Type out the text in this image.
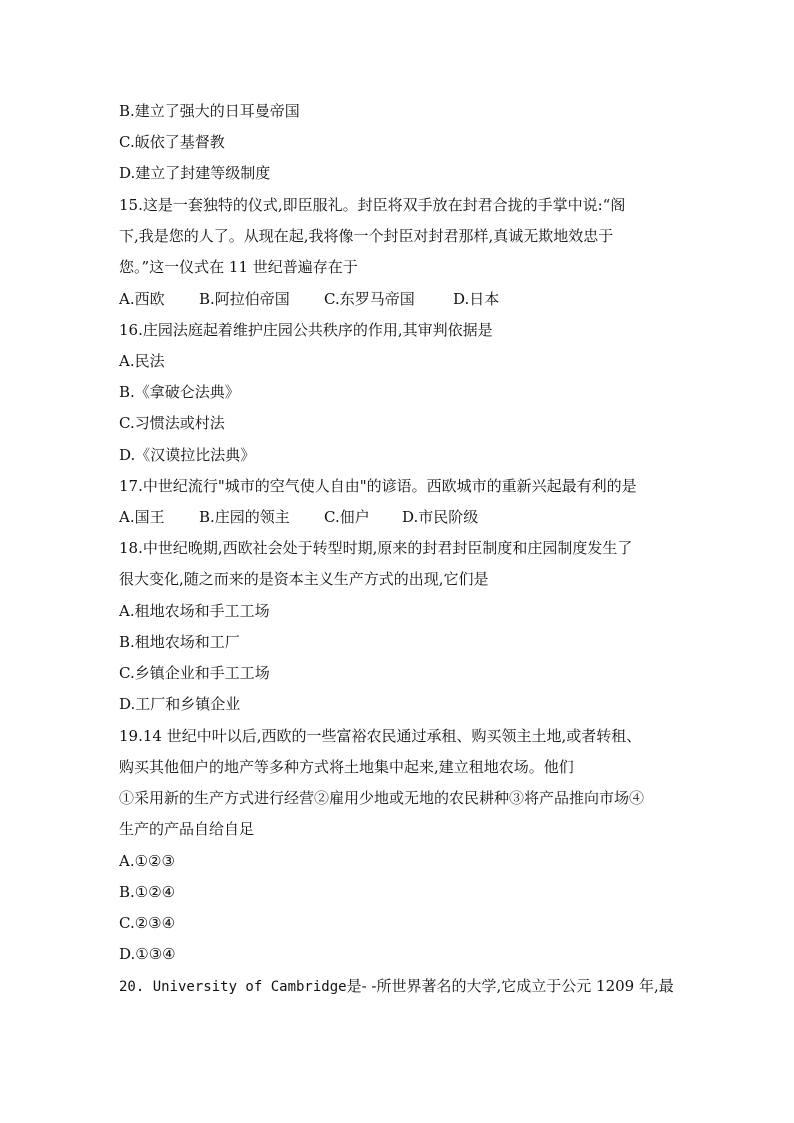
B.建立了强大的日耳曼帝国
C.皈依了基督教
D.建立了封建等级制度
15.这是一套独特的仪式,即臣服礼。封臣将双手放在封君合拢的手掌中说:“阁
下,我是您的人了。从现在起,我将像一个封臣对封君那样,真诚无欺地效忠于
您。”这一仪式在 11 世纪普遍存在于
A.西欧 B.阿拉伯帝国 C.东罗马帝国	D.日本
16.庄园法庭起着维护庄园公共秩序的作用,其审判依据是
A.民法
B.《拿破仑法典》
C.习惯法或村法
D.《汉谟拉比法典》
17.中世纪流行"城市的空气使人自由"的谚语。西欧城市的重新兴起最有利的是
A.国王 B.庄园的领主 C.佃户 D.市民阶级
18.中世纪晚期,西欧社会处于转型时期,原来的封君封臣制度和庄园制度发生了
很大变化,随之而来的是资本主义生产方式的出现,它们是
A.租地农场和手工工场
B.租地农场和工厂
C.乡镇企业和手工工场
D.工厂和乡镇企业
19.14 世纪中叶以后,西欧的一些富裕农民通过承租、购买领主土地,或者转租、
购买其他佃户的地产等多种方式将土地集中起来,建立租地农场。他们
①采用新的生产方式进行经营②雇用少地或无地的农民耕种③将产品推向市场④
生产的产品自给自足
A.①②③
B.①②④
C.②③④
D.①③④
20. University of Cambridge是- -所世界著名的大学,它成立于公元 1209 年,最
